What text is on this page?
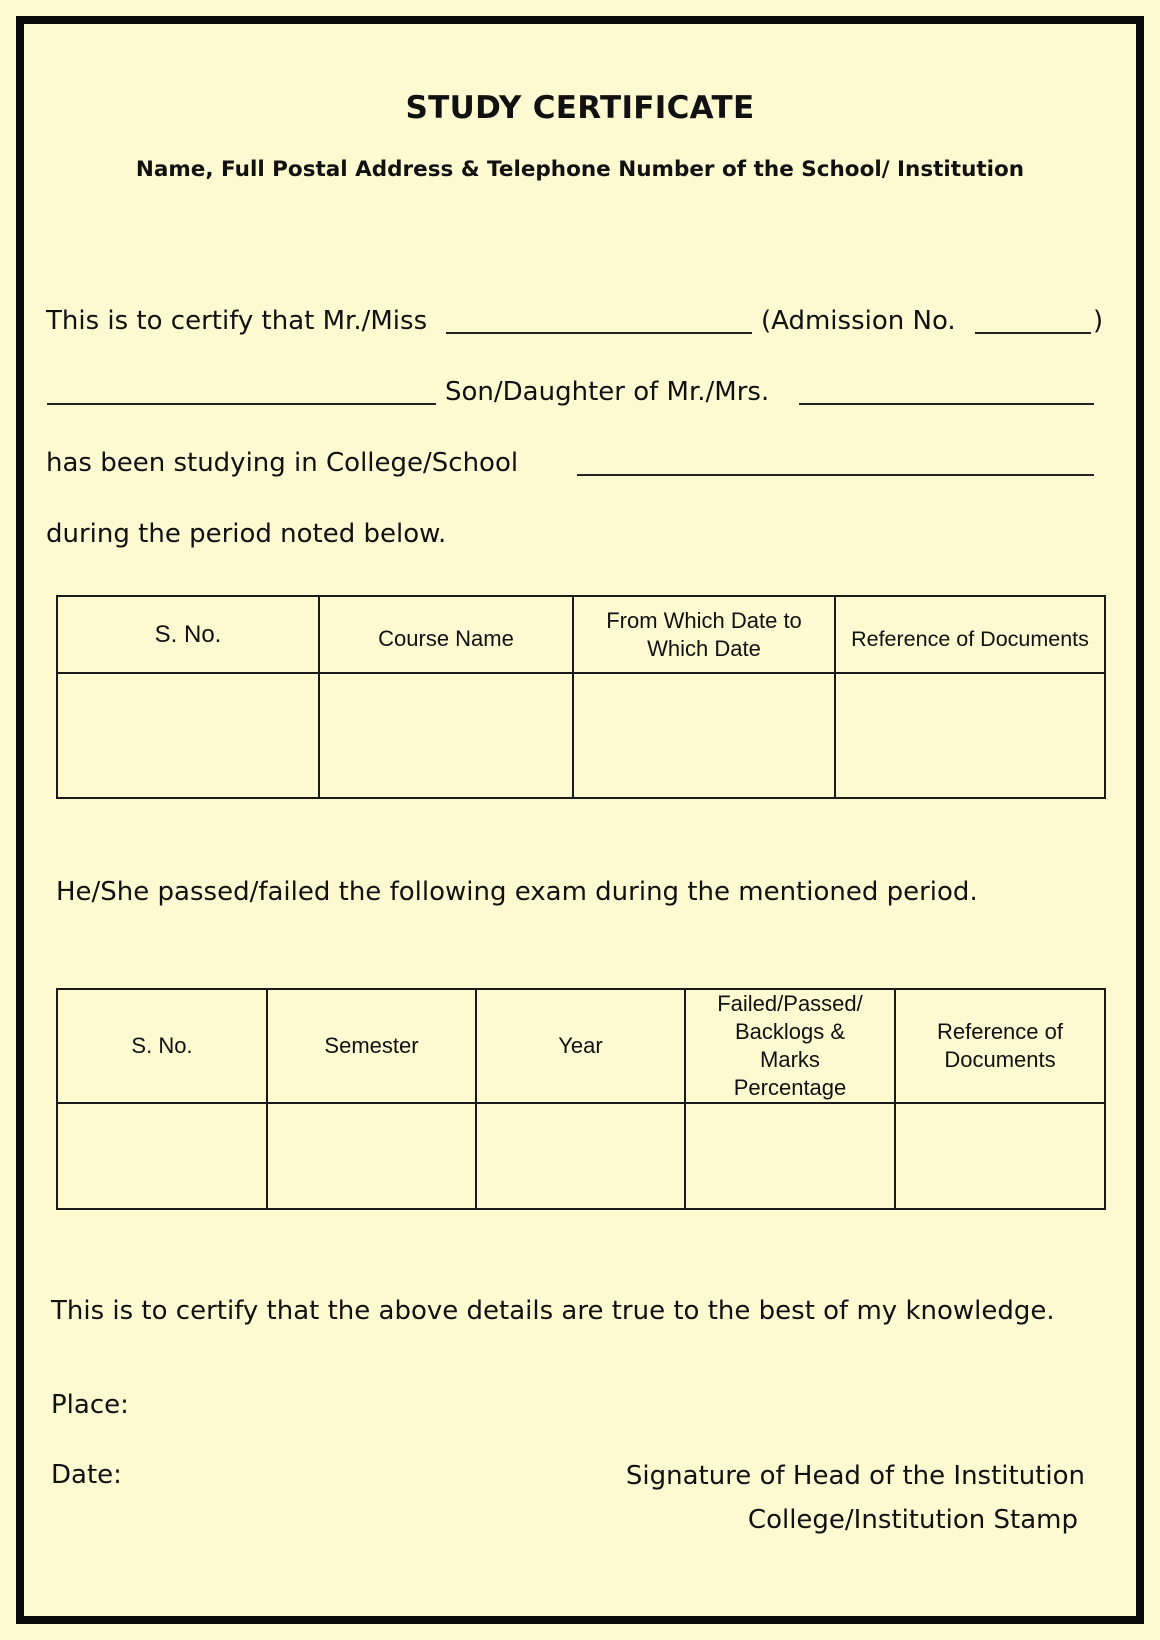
STUDY CERTIFICATE
Name, Full Postal Address & Telephone Number of the School/ Institution
This is to certify that Mr./Miss	(Admission No.	)
Son/Daughter of Mr./Mrs.
has been studying in College/School
during the period noted below.
S. No.	Course Name	From Which Date to Which Date	Reference of Documents

He/She passed/failed the following exam during the mentioned period.
S. No.	Semester	Year	Failed/Passed/ Backlogs & Marks Percentage	Reference of Documents

This is to certify that the above details are true to the best of my knowledge.
Place:
Date:	Signature of Head of the Institution
College/Institution Stamp
